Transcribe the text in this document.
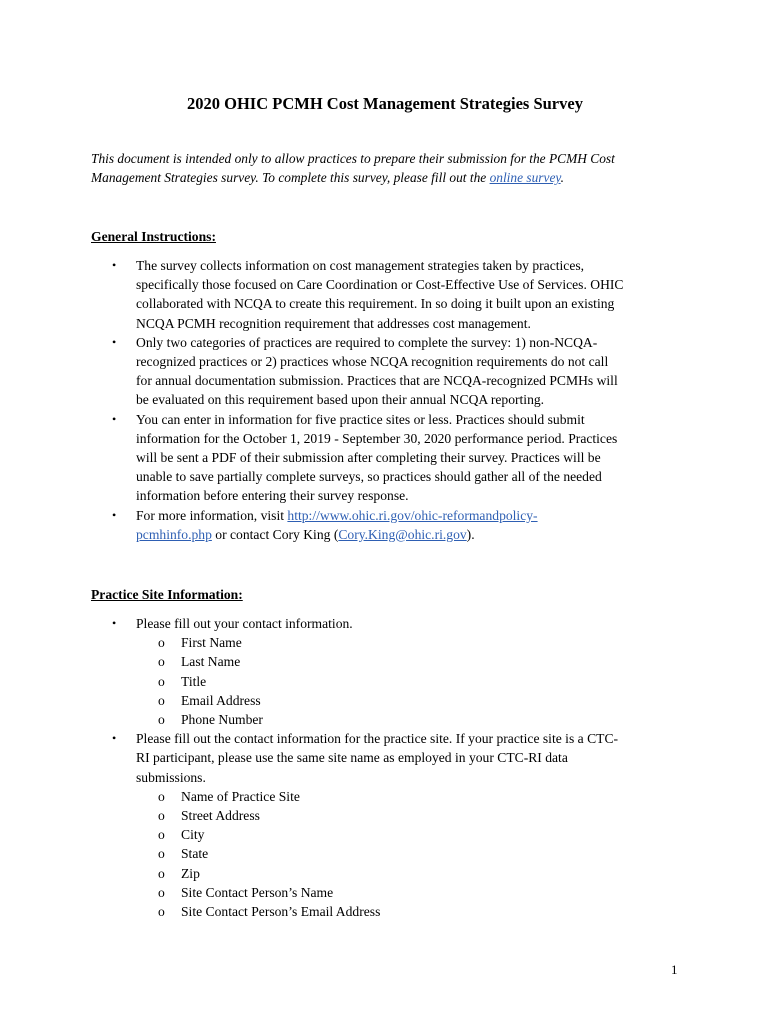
2020 OHIC PCMH Cost Management Strategies Survey
This document is intended only to allow practices to prepare their submission for the PCMH Cost
Management Strategies survey. To complete this survey, please fill out the online survey.
General Instructions:
• The survey collects information on cost management strategies taken by practices,
specifically those focused on Care Coordination or Cost-Effective Use of Services. OHIC
collaborated with NCQA to create this requirement. In so doing it built upon an existing
NCQA PCMH recognition requirement that addresses cost management.
• Only two categories of practices are required to complete the survey: 1) non-NCQA-
recognized practices or 2) practices whose NCQA recognition requirements do not call
for annual documentation submission. Practices that are NCQA-recognized PCMHs will
be evaluated on this requirement based upon their annual NCQA reporting.
• You can enter in information for five practice sites or less. Practices should submit
information for the October 1, 2019 - September 30, 2020 performance period. Practices
will be sent a PDF of their submission after completing their survey. Practices will be
unable to save partially complete surveys, so practices should gather all of the needed
information before entering their survey response.
• For more information, visit http://www.ohic.ri.gov/ohic-reformandpolicy-
pcmhinfo.php or contact Cory King (Cory.King@ohic.ri.gov).
Practice Site Information:
• Please fill out your contact information.
o First Name
o Last Name
o Title
o Email Address
o Phone Number
• Please fill out the contact information for the practice site. If your practice site is a CTC-
RI participant, please use the same site name as employed in your CTC-RI data
submissions.
o Name of Practice Site
o Street Address
o City
o State
o Zip
o Site Contact Person’s Name
o Site Contact Person’s Email Address
1
